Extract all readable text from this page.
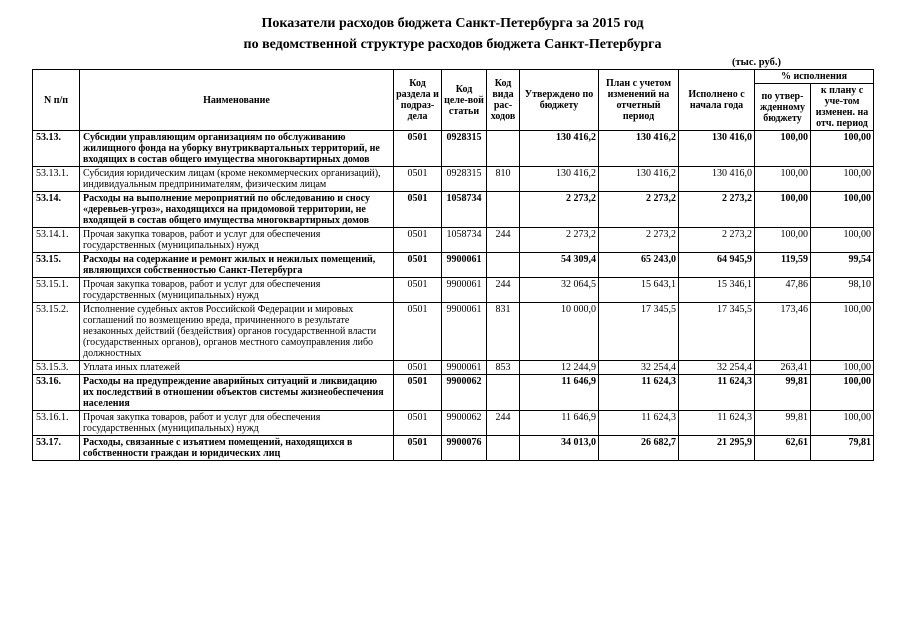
Показатели расходов бюджета Санкт-Петербурга за 2015 год
по ведомственной структуре расходов бюджета Санкт-Петербурга
(тыс. руб.)
N п/п	Наименование	Код раздела и подраз-дела	Код целе-вой статьи	Код вида рас-ходов	Утверждено по бюджету	План с учетом изменений на отчетный период	Исполнено с начала года	% исполнения	
								по утвер-жденному бюджету	к плану с уче-том изменен. на отч. период
53.13.	Субсидии управляющим организациям по обслуживанию жилищного фонда на уборку внутриквартальных территорий, не входящих в состав общего имущества многоквартирных домов	0501	0928315		130 416,2	130 416,2	130 416,0	100,00	100,00
53.13.1.	Субсидия юридическим лицам (кроме некоммерческих организаций), индивидуальным предпринимателям, физическим лицам	0501	0928315	810	130 416,2	130 416,2	130 416,0	100,00	100,00
53.14.	Расходы на выполнение мероприятий по обследованию и сносу «деревьев-угроз», находящихся на придомовой территории, не входящей в состав общего имущества многоквартирных домов	0501	1058734		2 273,2	2 273,2	2 273,2	100,00	100,00
53.14.1.	Прочая закупка товаров, работ и услуг для обеспечения государственных (муниципальных) нужд	0501	1058734	244	2 273,2	2 273,2	2 273,2	100,00	100,00
53.15.	Расходы на содержание и ремонт жилых и нежилых помещений, являющихся собственностью Санкт-Петербурга	0501	9900061		54 309,4	65 243,0	64 945,9	119,59	99,54
53.15.1.	Прочая закупка товаров, работ и услуг для обеспечения государственных (муниципальных) нужд	0501	9900061	244	32 064,5	15 643,1	15 346,1	47,86	98,10
53.15.2.	Исполнение судебных актов Российской Федерации и мировых соглашений по возмещению вреда, причиненного в результате незаконных действий (бездействия) органов государственной власти (государственных органов), органов местного самоуправления либо должностных	0501	9900061	831	10 000,0	17 345,5	17 345,5	173,46	100,00
53.15.3.	Уплата иных платежей	0501	9900061	853	12 244,9	32 254,4	32 254,4	263,41	100,00
53.16.	Расходы на предупреждение аварийных ситуаций и ликвидацию их последствий в отношении объектов системы жизнеобеспечения населения	0501	9900062		11 646,9	11 624,3	11 624,3	99,81	100,00
53.16.1.	Прочая закупка товаров, работ и услуг для обеспечения государственных (муниципальных) нужд	0501	9900062	244	11 646,9	11 624,3	11 624,3	99,81	100,00
53.17.	Расходы, связанные с изъятием помещений, находящихся в собственности граждан и юридических лиц	0501	9900076		34 013,0	26 682,7	21 295,9	62,61	79,81
